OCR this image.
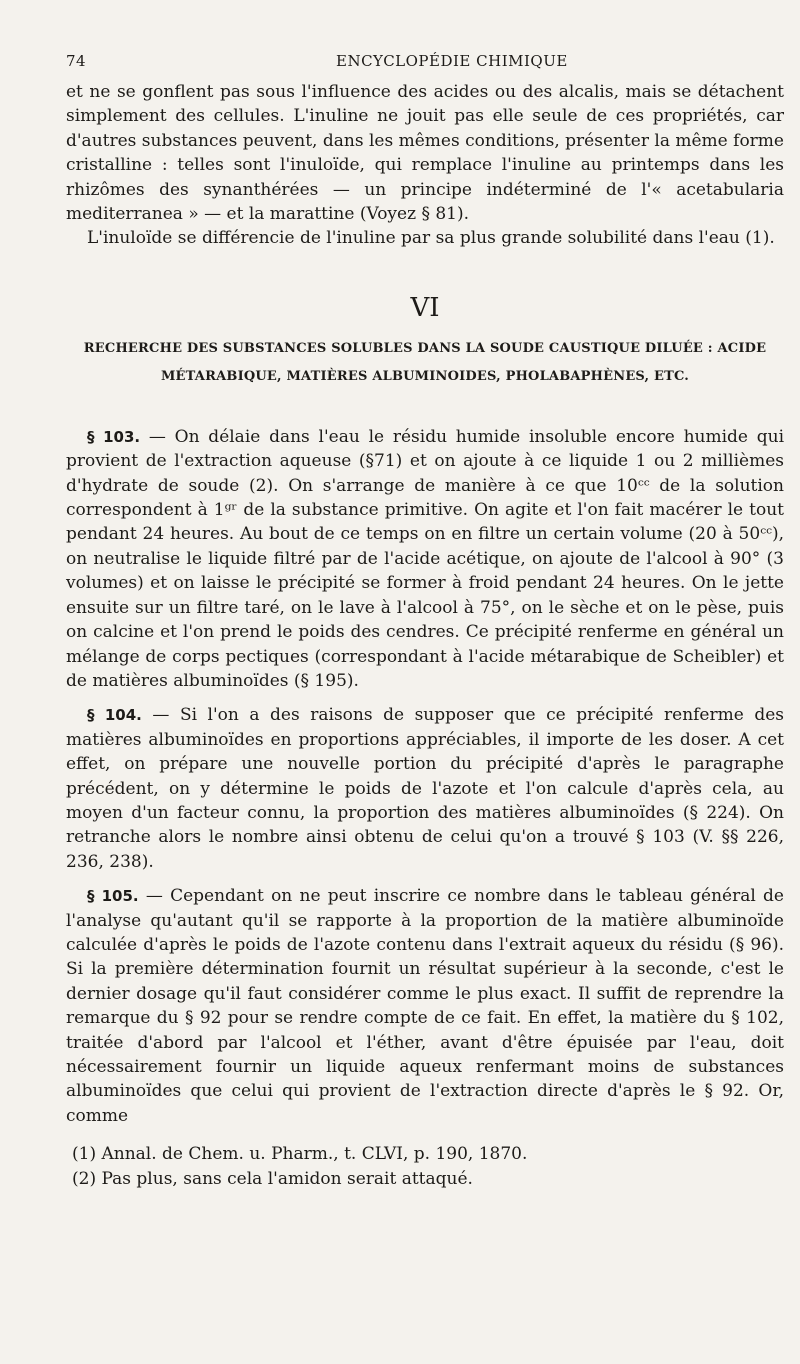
74	ENCYCLOPÉDIE CHIMIQUE

et ne se gonflent pas sous l'influence des acides ou des alcalis, mais se détachent simplement des cellules. L'inuline ne jouit pas elle seule de ces propriétés, car d'autres substances peuvent, dans les mêmes conditions, présenter la même forme cristalline : telles sont l'inuloïde, qui remplace l'inuline au printemps dans les rhizômes des synanthérées — un principe indéterminé de l'« acetabularia mediterranea » — et la marattine (Voyez § 81).

L'inuloïde se différencie de l'inuline par sa plus grande solubilité dans l'eau (1).

VI
RECHERCHE DES SUBSTANCES SOLUBLES DANS LA SOUDE CAUSTIQUE DILUÉE : ACIDE
MÉTARABIQUE, MATIÈRES ALBUMINOIDES, PHOLABAPHÈNES, ETC.

§ 103. — On délaie dans l'eau le résidu humide insoluble encore humide qui provient de l'extraction aqueuse (§71) et on ajoute à ce liquide 1 ou 2 millièmes d'hydrate de soude (2). On s'arrange de manière à ce que 10ᶜᶜ de la solution correspondent à 1ᵍʳ de la substance primitive. On agite et l'on fait macérer le tout pendant 24 heures. Au bout de ce temps on en filtre un certain volume (20 à 50ᶜᶜ), on neutralise le liquide filtré par de l'acide acétique, on ajoute de l'alcool à 90° (3 volumes) et on laisse le précipité se former à froid pendant 24 heures. On le jette ensuite sur un filtre taré, on le lave à l'alcool à 75°, on le sèche et on le pèse, puis on calcine et l'on prend le poids des cendres. Ce précipité renferme en général un mélange de corps pectiques (correspondant à l'acide métarabique de Scheibler) et de matières albuminoïdes (§ 195).

§ 104. — Si l'on a des raisons de supposer que ce précipité renferme des matières albuminoïdes en proportions appréciables, il importe de les doser. A cet effet, on prépare une nouvelle portion du précipité d'après le paragraphe précédent, on y détermine le poids de l'azote et l'on calcule d'après cela, au moyen d'un facteur connu, la proportion des matières albuminoïdes (§ 224). On retranche alors le nombre ainsi obtenu de celui qu'on a trouvé § 103 (V. §§ 226, 236, 238).

§ 105. — Cependant on ne peut inscrire ce nombre dans le tableau général de l'analyse qu'autant qu'il se rapporte à la proportion de la matière albuminoïde calculée d'après le poids de l'azote contenu dans l'extrait aqueux du résidu (§ 96). Si la première détermination fournit un résultat supérieur à la seconde, c'est le dernier dosage qu'il faut considérer comme le plus exact. Il suffit de reprendre la remarque du § 92 pour se rendre compte de ce fait. En effet, la matière du § 102, traitée d'abord par l'alcool et l'éther, avant d'être épuisée par l'eau, doit nécessairement fournir un liquide aqueux renfermant moins de substances albuminoïdes que celui qui provient de l'extraction directe d'après le § 92. Or, comme

(1) Annal. de Chem. u. Pharm., t. CLVI, p. 190, 1870.

(2) Pas plus, sans cela l'amidon serait attaqué.
